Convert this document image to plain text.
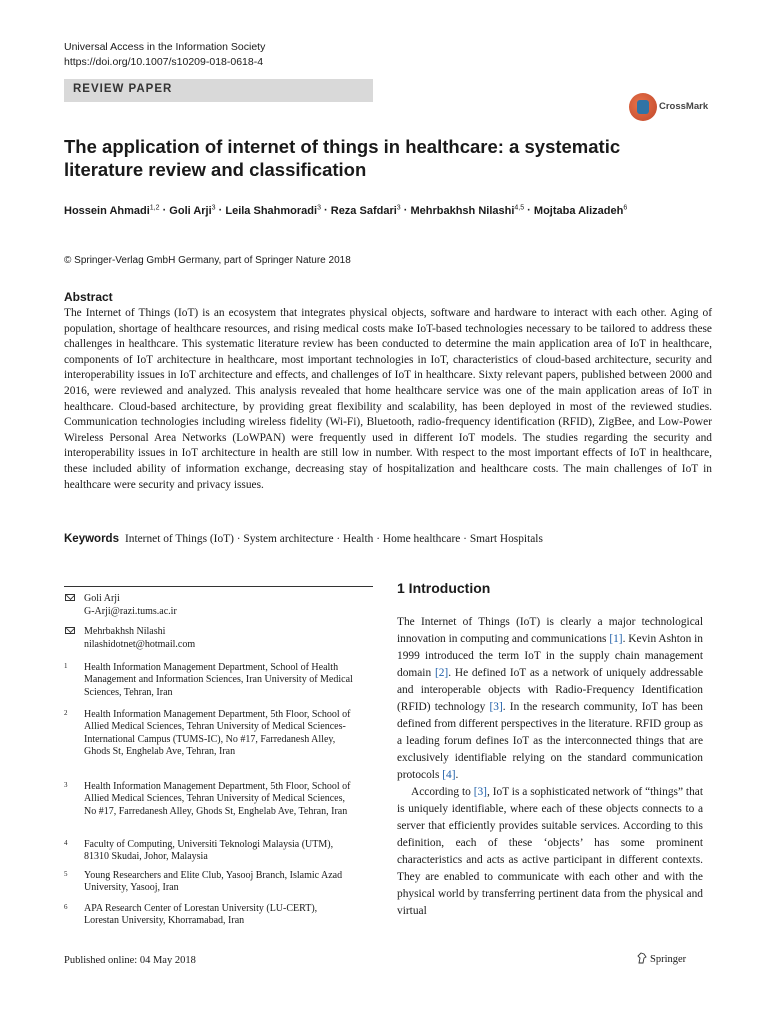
Universal Access in the Information Society
https://doi.org/10.1007/s10209-018-0618-4
REVIEW PAPER
CrossMark
The application of internet of things in healthcare: a systematic literature review and classification
Hossein Ahmadi$^{1,2}$ · Goli Arji$^3$ · Leila Shahmoradi$^3$ · Reza Safdari$^3$ · Mehrbakhsh Nilashi$^{4,5}$ · Mojtaba Alizadeh$^6$
© Springer-Verlag GmbH Germany, part of Springer Nature 2018
Abstract

The Internet of Things (IoT) is an ecosystem that integrates physical objects, software and hardware to interact with each other. Aging of population, shortage of healthcare resources, and rising medical costs make IoT-based technologies necessary to be tailored to address these challenges in healthcare. This systematic literature review has been conducted to determine the main application area of IoT in healthcare, components of IoT architecture in healthcare, most important technologies in IoT, characteristics of cloud-based architecture, security and interoperability issues in IoT architecture and effects, and challenges of IoT in healthcare. Sixty relevant papers, published between 2000 and 2016, were reviewed and analyzed. This analysis revealed that home healthcare service was one of the main application areas of IoT in healthcare. Cloud-based architecture, by providing great flexibility and scalability, has been deployed in most of the reviewed studies. Communication technologies including wireless fidelity (Wi-Fi), Bluetooth, radio-frequency identification (RFID), ZigBee, and Low-Power Wireless Personal Area Networks (LoWPAN) were frequently used in different IoT models. The studies regarding the security and interoperability issues in IoT architecture in health are still low in number. With respect to the most important effects of IoT in healthcare, these included ability of information exchange, decreasing stay of hospitalization and healthcare costs. The main challenges of IoT in healthcare were security and privacy issues.

Keywords Internet of Things (IoT) · System architecture · Health · Home healthcare · Smart Hospitals
Goli Arji
G-Arji@razi.tums.ac.ir
Mehrbakhsh Nilashi
nilashidotnet@hotmail.com
1 Health Information Management Department, School of Health Management and Information Sciences, Iran University of Medical Sciences, Tehran, Iran
2 Health Information Management Department, 5th Floor, School of Allied Medical Sciences, Tehran University of Medical Sciences-International Campus (TUMS-IC), No #17, Farredanesh Alley, Ghods St, Enghelab Ave, Tehran, Iran
3 Health Information Management Department, 5th Floor, School of Allied Medical Sciences, Tehran University of Medical Sciences, No #17, Farredanesh Alley, Ghods St, Enghelab Ave, Tehran, Iran
4 Faculty of Computing, Universiti Teknologi Malaysia (UTM), 81310 Skudai, Johor, Malaysia
5 Young Researchers and Elite Club, Yasooj Branch, Islamic Azad University, Yasooj, Iran
6 APA Research Center of Lorestan University (LU-CERT), Lorestan University, Khorramabad, Iran
1 Introduction

The Internet of Things (IoT) is clearly a major technological innovation in computing and communications [1]. Kevin Ashton in 1999 introduced the term IoT in the supply chain management domain [2]. He defined IoT as a network of uniquely addressable and interoperable objects with Radio-Frequency Identification (RFID) technology [3]. In the research community, IoT has been defined from different perspectives in the literature. RFID group as a leading forum defines IoT as the interconnected things that are exclusively identifiable relying on the standard communication protocols [4].

According to [3], IoT is a sophisticated network of “things” that is uniquely identifiable, where each of these objects connects to a server that efficiently provides suitable services. According to this definition, each of these ‘objects’ has some prominent characteristics and acts as active participant in different contexts. They are enabled to communicate with each other and with the physical world by transferring pertinent data from the physical and virtual

Published online: 04 May 2018	Springer
